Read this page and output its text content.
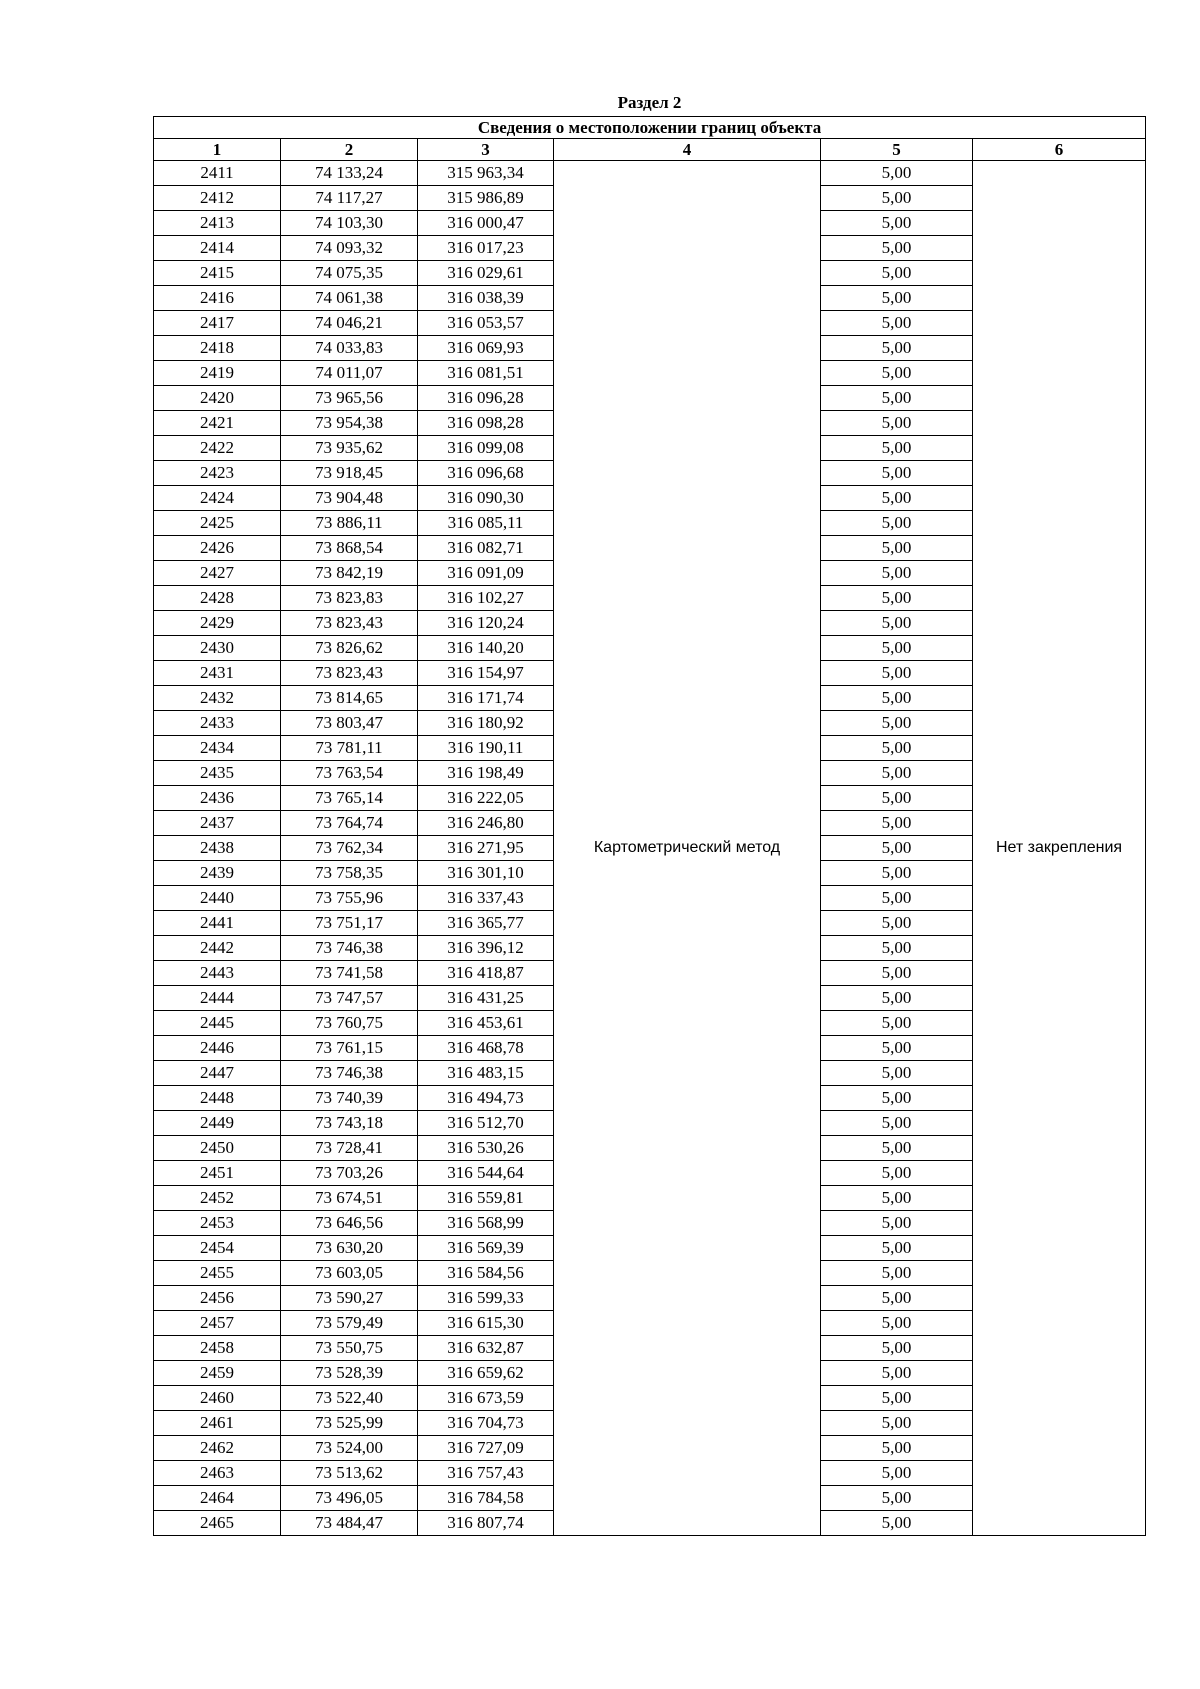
Раздел 2
Сведения о местоположении границ объекта					
1	2	3	4	5	6
2411	74 133,24	315 963,34	Картометрический метод	5,00	Нет закрепления
2412	74 117,27	315 986,89		5,00	
2413	74 103,30	316 000,47		5,00	
2414	74 093,32	316 017,23		5,00	
2415	74 075,35	316 029,61		5,00	
2416	74 061,38	316 038,39		5,00	
2417	74 046,21	316 053,57		5,00	
2418	74 033,83	316 069,93		5,00	
2419	74 011,07	316 081,51		5,00	
2420	73 965,56	316 096,28		5,00	
2421	73 954,38	316 098,28		5,00	
2422	73 935,62	316 099,08		5,00	
2423	73 918,45	316 096,68		5,00	
2424	73 904,48	316 090,30		5,00	
2425	73 886,11	316 085,11		5,00	
2426	73 868,54	316 082,71		5,00	
2427	73 842,19	316 091,09		5,00	
2428	73 823,83	316 102,27		5,00	
2429	73 823,43	316 120,24		5,00	
2430	73 826,62	316 140,20		5,00	
2431	73 823,43	316 154,97		5,00	
2432	73 814,65	316 171,74		5,00	
2433	73 803,47	316 180,92		5,00	
2434	73 781,11	316 190,11		5,00	
2435	73 763,54	316 198,49		5,00	
2436	73 765,14	316 222,05		5,00	
2437	73 764,74	316 246,80		5,00	
2438	73 762,34	316 271,95		5,00	
2439	73 758,35	316 301,10		5,00	
2440	73 755,96	316 337,43		5,00	
2441	73 751,17	316 365,77		5,00	
2442	73 746,38	316 396,12		5,00	
2443	73 741,58	316 418,87		5,00	
2444	73 747,57	316 431,25		5,00	
2445	73 760,75	316 453,61		5,00	
2446	73 761,15	316 468,78		5,00	
2447	73 746,38	316 483,15		5,00	
2448	73 740,39	316 494,73		5,00	
2449	73 743,18	316 512,70		5,00	
2450	73 728,41	316 530,26		5,00	
2451	73 703,26	316 544,64		5,00	
2452	73 674,51	316 559,81		5,00	
2453	73 646,56	316 568,99		5,00	
2454	73 630,20	316 569,39		5,00	
2455	73 603,05	316 584,56		5,00	
2456	73 590,27	316 599,33		5,00	
2457	73 579,49	316 615,30		5,00	
2458	73 550,75	316 632,87		5,00	
2459	73 528,39	316 659,62		5,00	
2460	73 522,40	316 673,59		5,00	
2461	73 525,99	316 704,73		5,00	
2462	73 524,00	316 727,09		5,00	
2463	73 513,62	316 757,43		5,00	
2464	73 496,05	316 784,58		5,00	
2465	73 484,47	316 807,74		5,00	
